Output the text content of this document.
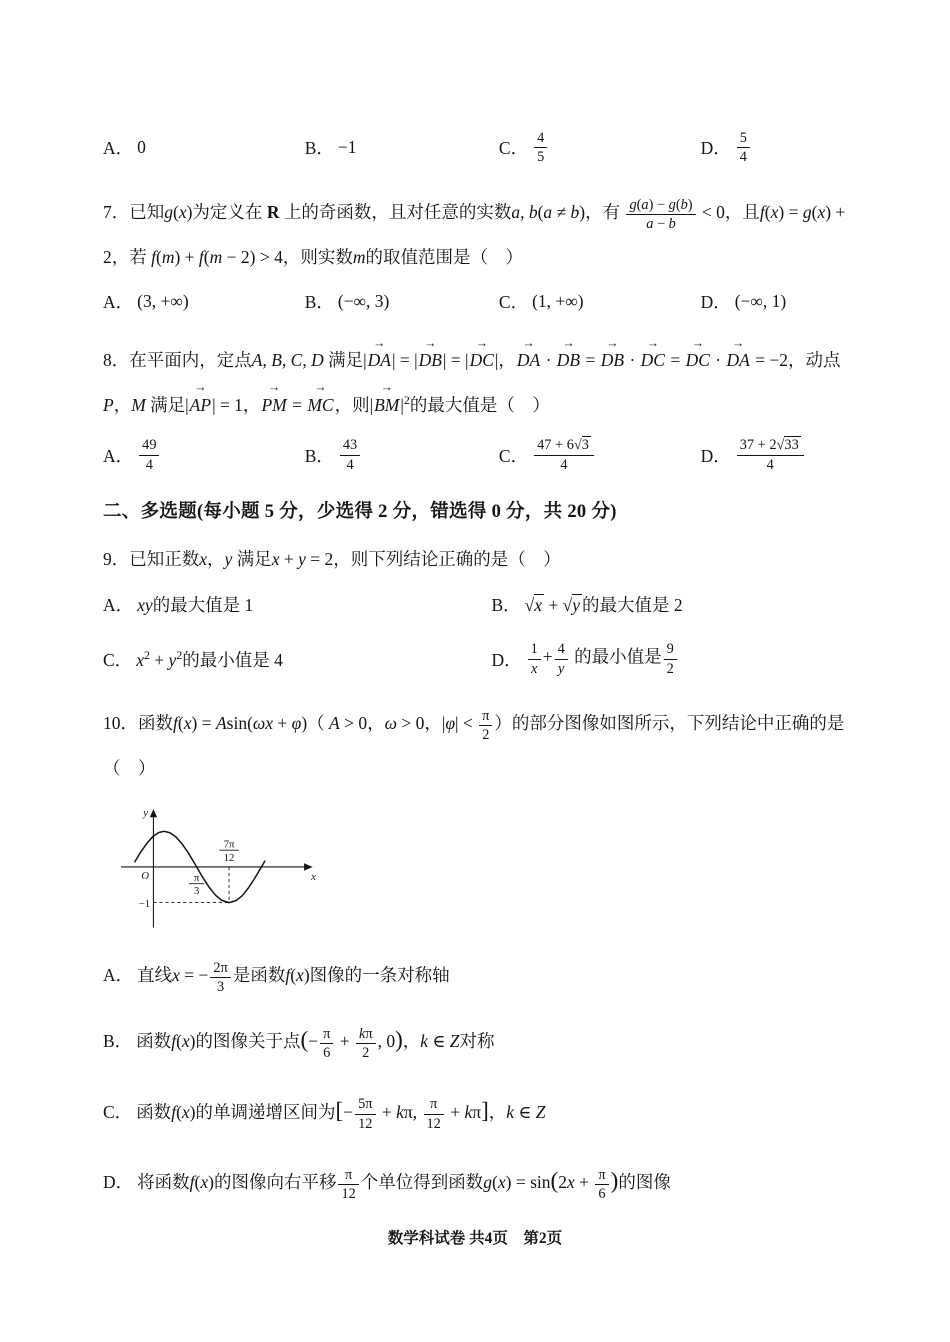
A． 0	B． −1	C． $\frac{4}{5}$	D． $\frac{5}{4}$

7．已知g(x)为定义在 R 上的奇函数，且对任意的实数a, b(a ≠ b)，有 $\frac{g(a) - g(b)}{a - b} < 0$，且f(x) = g(x) + 2，若 f(m) + f(m − 2) > 4，则实数m的取值范围是（　）

A． (3, +∞)	B． (−∞, 3)	C． (1, +∞)	D． (−∞, 1)

8．在平面内，定点A, B, C, D 满足|→ DA| = |→ DB| = |→ DC|，→ DA · → DB = → DB · → DC = → DC · → DA = −2，动点P，M 满足|→ AP| = 1，→ PM = → MC，则|→ $BM|^2$的最大值是（　）

A． $\frac{49}{4}$	B． $\frac{43}{4}$	C． $\frac{47 + 6 √ 3}{4}$	D． $\frac{37 + 2 √ 33}{4}$
二、多选题(每小题 5 分，少选得 2 分，错选得 0 分，共 20 分)

9．已知正数x，y 满足x + y = 2，则下列结论正确的是（　）

A． xy的最大值是 1	B． √ x + √ y 的最大值是 2
C． $x^2 + y^2$的最小值是 4	D． $\frac{1}{x} + \frac{4}{y}$ 的最小值是 $\frac{9}{2}$

10．函数f(x) = Asin(ωx + φ)（ A > 0，ω > 0，$|\varphi| < \frac{\pi}{2}$ ）的部分图像如图所示，下列结论中正确的是（　）

y
x
O	π
3
7π
12
−1
A． 直线x = − $\frac{2\pi}{3}$ 是函数f(x)图像的一条对称轴
B． 函数f(x)的图像关于点(− $\frac{\pi}{6} + \frac{k\pi}{2}$ , 0)，k ∈ Z对称
C． 函数f(x)的单调递增区间为[− $\frac{5\pi}{12} + k\pi$, $\frac{\pi}{12} + k\pi$]，k ∈ Z
D． 将函数f(x)的图像向右平移 $\frac{\pi}{12}$ 个单位得到函数$g(x) = \sin(2x + \frac{\pi}{6}$ )的图像
数学科试卷 共4页　第2页
